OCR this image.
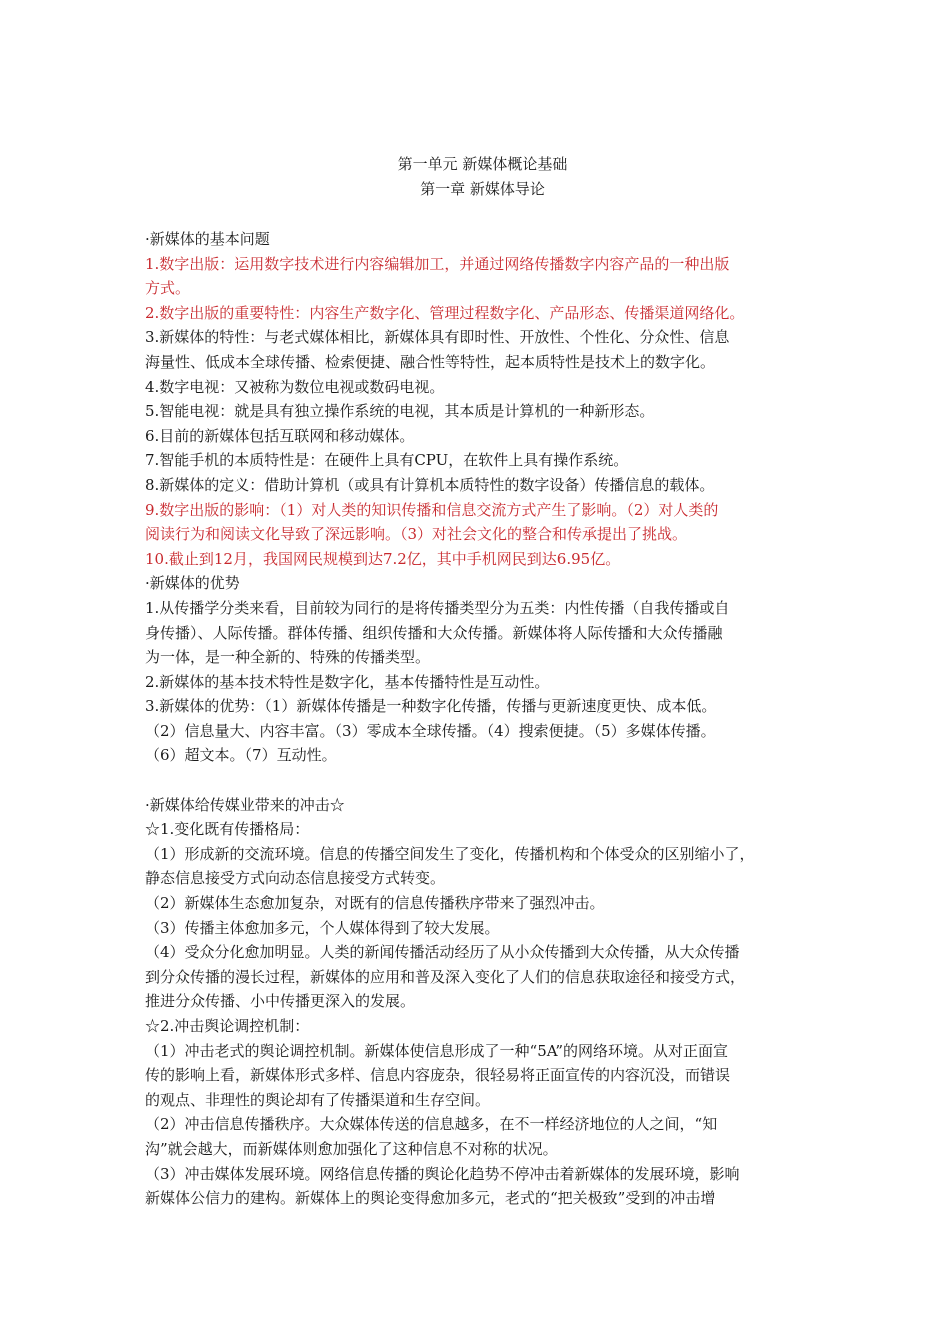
第一单元 新媒体概论基础

第一章 新媒体导论

·新媒体的基本问题

1.数字出版：运用数字技术进行内容编辑加工，并通过网络传播数字内容产品的一种出版

方式。

2.数字出版的重要特性：内容生产数字化、管理过程数字化、产品形态、传播渠道网络化。

3.新媒体的特性：与老式媒体相比，新媒体具有即时性、开放性、个性化、分众性、信息

海量性、低成本全球传播、检索便捷、融合性等特性，起本质特性是技术上的数字化。

4.数字电视：又被称为数位电视或数码电视。

5.智能电视：就是具有独立操作系统的电视，其本质是计算机的一种新形态。

6.目前的新媒体包括互联网和移动媒体。

7.智能手机的本质特性是：在硬件上具有CPU，在软件上具有操作系统。

8.新媒体的定义：借助计算机（或具有计算机本质特性的数字设备）传播信息的载体。

9.数字出版的影响：（1）对人类的知识传播和信息交流方式产生了影响。（2）对人类的

阅读行为和阅读文化导致了深远影响。（3）对社会文化的整合和传承提出了挑战。

10.截止到12月，我国网民规模到达7.2亿，其中手机网民到达6.95亿。

·新媒体的优势

1.从传播学分类来看，目前较为同行的是将传播类型分为五类：内性传播（自我传播或自

身传播）、人际传播。群体传播、组织传播和大众传播。新媒体将人际传播和大众传播融

为一体，是一种全新的、特殊的传播类型。

2.新媒体的基本技术特性是数字化，基本传播特性是互动性。

3.新媒体的优势：（1）新媒体传播是一种数字化传播，传播与更新速度更快、成本低。

（2）信息量大、内容丰富。（3）零成本全球传播。（4）搜索便捷。（5）多媒体传播。

（6）超文本。（7）互动性。

·新媒体给传媒业带来的冲击☆

☆1.变化既有传播格局：

（1）形成新的交流环境。信息的传播空间发生了变化，传播机构和个体受众的区别缩小了，

静态信息接受方式向动态信息接受方式转变。

（2）新媒体生态愈加复杂，对既有的信息传播秩序带来了强烈冲击。

（3）传播主体愈加多元，个人媒体得到了较大发展。

（4）受众分化愈加明显。人类的新闻传播活动经历了从小众传播到大众传播，从大众传播

到分众传播的漫长过程，新媒体的应用和普及深入变化了人们的信息获取途径和接受方式，

推进分众传播、小中传播更深入的发展。

☆2.冲击舆论调控机制：

（1）冲击老式的舆论调控机制。新媒体使信息形成了一种“5A”的网络环境。从对正面宣

传的影响上看，新媒体形式多样、信息内容庞杂，很轻易将正面宣传的内容沉没，而错误

的观点、非理性的舆论却有了传播渠道和生存空间。

（2）冲击信息传播秩序。大众媒体传送的信息越多，在不一样经济地位的人之间，“知

沟”就会越大，而新媒体则愈加强化了这种信息不对称的状况。

（3）冲击媒体发展环境。网络信息传播的舆论化趋势不停冲击着新媒体的发展环境，影响

新媒体公信力的建构。新媒体上的舆论变得愈加多元，老式的“把关极致”受到的冲击增
